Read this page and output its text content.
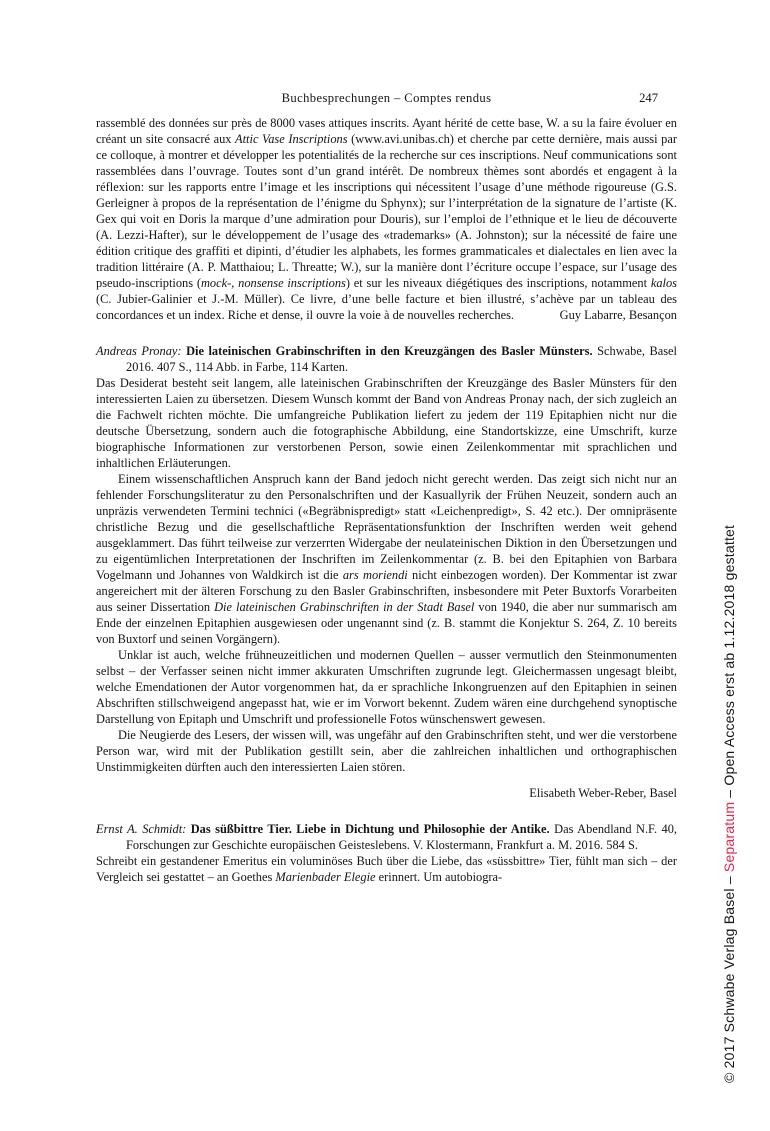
Buchbesprechungen – Comptes rendus	247
rassemblé des données sur près de 8000 vases attiques inscrits. Ayant hérité de cette base, W. a su la faire évoluer en créant un site consacré aux Attic Vase Inscriptions (www.avi.unibas.ch) et cherche par cette dernière, mais aussi par ce colloque, à montrer et développer les potentialités de la recherche sur ces inscriptions. Neuf communications sont rassemblées dans l’ouvrage. Toutes sont d’un grand intérêt. De nombreux thèmes sont abordés et engagent à la réflexion: sur les rapports entre l’image et les inscriptions qui nécessitent l’usage d’une méthode rigoureuse (G.S. Gerleigner à propos de la représentation de l’énigme du Sphynx); sur l’interprétation de la signature de l’artiste (K. Gex qui voit en Doris la marque d’une admiration pour Douris), sur l’emploi de l’ethnique et le lieu de découverte (A. Lezzi-Hafter), sur le développement de l’usage des «trademarks» (A. Johnston); sur la nécessité de faire une édition critique des graffiti et dipinti, d’étudier les alphabets, les formes grammaticales et dialectales en lien avec la tradition littéraire (A. P. Matthaiou; L. Threatte; W.), sur la manière dont l’écriture occupe l’espace, sur l’usage des pseudo-inscriptions (mock-, nonsense inscriptions) et sur les niveaux diégétiques des inscriptions, notamment kalos (C. Jubier-Galinier et J.-M. Müller). Ce livre, d’une belle facture et bien illustré, s’achève par un tableau des concordances et un index. Riche et dense, il ouvre la voie à de nouvelles recherches.	Guy Labarre, Besançon
Andreas Pronay: Die lateinischen Grabinschriften in den Kreuzgängen des Basler Münsters. Schwabe, Basel 2016. 407 S., 114 Abb. in Farbe, 114 Karten.
Das Desiderat besteht seit langem, alle lateinischen Grabinschriften der Kreuzgänge des Basler Münsters für den interessierten Laien zu übersetzen. Diesem Wunsch kommt der Band von Andreas Pronay nach, der sich zugleich an die Fachwelt richten möchte. Die umfangreiche Publikation liefert zu jedem der 119 Epitaphien nicht nur die deutsche Übersetzung, sondern auch die fotographische Abbildung, eine Standortskizze, eine Umschrift, kurze biographische Informationen zur verstorbenen Person, sowie einen Zeilenkommentar mit sprachlichen und inhaltlichen Erläuterungen.
Einem wissenschaftlichen Anspruch kann der Band jedoch nicht gerecht werden. Das zeigt sich nicht nur an fehlender Forschungsliteratur zu den Personalschriften und der Kasuallyrik der Frühen Neuzeit, sondern auch an unpräzis verwendeten Termini technici («Begräbnispredigt» statt «Leichenpredigt», S. 42 etc.). Der omnipräsente christliche Bezug und die gesellschaftliche Repräsentationsfunktion der Inschriften werden weit gehend ausgeklammert. Das führt teilweise zur verzerrten Widergabe der neulateinischen Diktion in den Übersetzungen und zu eigentümlichen Interpretationen der Inschriften im Zeilenkommentar (z. B. bei den Epitaphien von Barbara Vogelmann und Johannes von Waldkirch ist die ars moriendi nicht einbezogen worden). Der Kommentar ist zwar angereichert mit der älteren Forschung zu den Basler Grabinschriften, insbesondere mit Peter Buxtorfs Vorarbeiten aus seiner Dissertation Die lateinischen Grabinschriften in der Stadt Basel von 1940, die aber nur summarisch am Ende der einzelnen Epitaphien ausgewiesen oder ungenannt sind (z. B. stammt die Konjektur S. 264, Z. 10 bereits von Buxtorf und seinen Vorgängern).
Unklar ist auch, welche frühneuzeitlichen und modernen Quellen – ausser vermutlich den Steinmonumenten selbst – der Verfasser seinen nicht immer akkuraten Umschriften zugrunde legt. Gleichermassen ungesagt bleibt, welche Emendationen der Autor vorgenommen hat, da er sprachliche Inkongruenzen auf den Epitaphien in seinen Abschriften stillschweigend angepasst hat, wie er im Vorwort bekennt. Zudem wären eine durchgehend synoptische Darstellung von Epitaph und Umschrift und professionelle Fotos wünschenswert gewesen.
Die Neugierde des Lesers, der wissen will, was ungefähr auf den Grabinschriften steht, und wer die verstorbene Person war, wird mit der Publikation gestillt sein, aber die zahlreichen inhaltlichen und orthographischen Unstimmigkeiten dürften auch den interessierten Laien stören.
Elisabeth Weber-Reber, Basel
Ernst A. Schmidt: Das süßbittre Tier. Liebe in Dichtung und Philosophie der Antike. Das Abendland N.F. 40, Forschungen zur Geschichte europäischen Geisteslebens. V. Klostermann, Frankfurt a. M. 2016. 584 S.
Schreibt ein gestandener Emeritus ein voluminöses Buch über die Liebe, das «süssbittre» Tier, fühlt man sich – der Vergleich sei gestattet – an Goethes Marienbader Elegie erinnert. Um autobiogra-	© 2017 Schwabe Verlag Basel – Separatum – Open Access erst ab 1.12.2018 gestattet
